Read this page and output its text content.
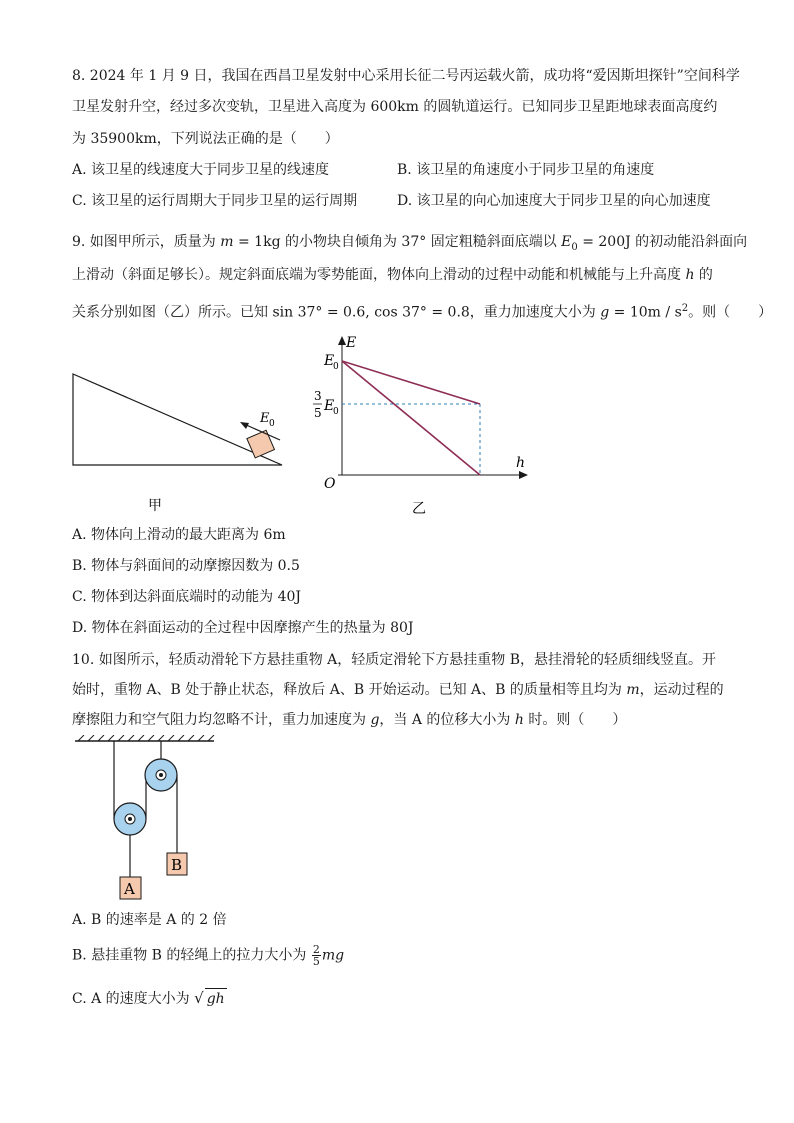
8. 2024 年 1 月 9 日，我国在西昌卫星发射中心采用长征二号丙运载火箭，成功将“爱因斯坦探针”空间科学
卫星发射升空，经过多次变轨，卫星进入高度为 600km 的圆轨道运行。已知同步卫星距地球表面高度约
为 35900km，下列说法正确的是（　　）
A. 该卫星的线速度大于同步卫星的线速度	B. 该卫星的角速度小于同步卫星的角速度
C. 该卫星的运行周期大于同步卫星的运行周期	D. 该卫星的向心加速度大于同步卫星的向心加速度
9. 如图甲所示，质量为 m = 1kg 的小物块自倾角为 37° 固定粗糙斜面底端以 $E_0 = 200J$ 的初动能沿斜面向
上滑动（斜面足够长）。规定斜面底端为零势能面，物体向上滑动的过程中动能和机械能与上升高度 h 的
关系分别如图（乙）所示。已知 sin 37° = 0.6, cos 37° = 0.8，重力加速度大小为 $g = 10m / s^2$。则（　　）
E 0
甲
E
h
O
E
0
3
5 E
0
乙
A. 物体向上滑动的最大距离为 6m
B. 物体与斜面间的动摩擦因数为 0.5
C. 物体到达斜面底端时的动能为 40J
D. 物体在斜面运动的全过程中因摩擦产生的热量为 80J
10. 如图所示，轻质动滑轮下方悬挂重物 A，轻质定滑轮下方悬挂重物 B，悬挂滑轮的轻质细线竖直。开
始时，重物 A、B 处于静止状态，释放后 A、B 开始运动。已知 A、B 的质量相等且均为 m，运动过程的
摩擦阻力和空气阻力均忽略不计，重力加速度为 g，当 A 的位移大小为 h 时。则（　　）
B
A
A. B 的速率是 A 的 2 倍
B. 悬挂重物 B 的轻绳上的拉力大小为 $\frac{2}{5}$ mg
C. A 的速度大小为 √ gh
